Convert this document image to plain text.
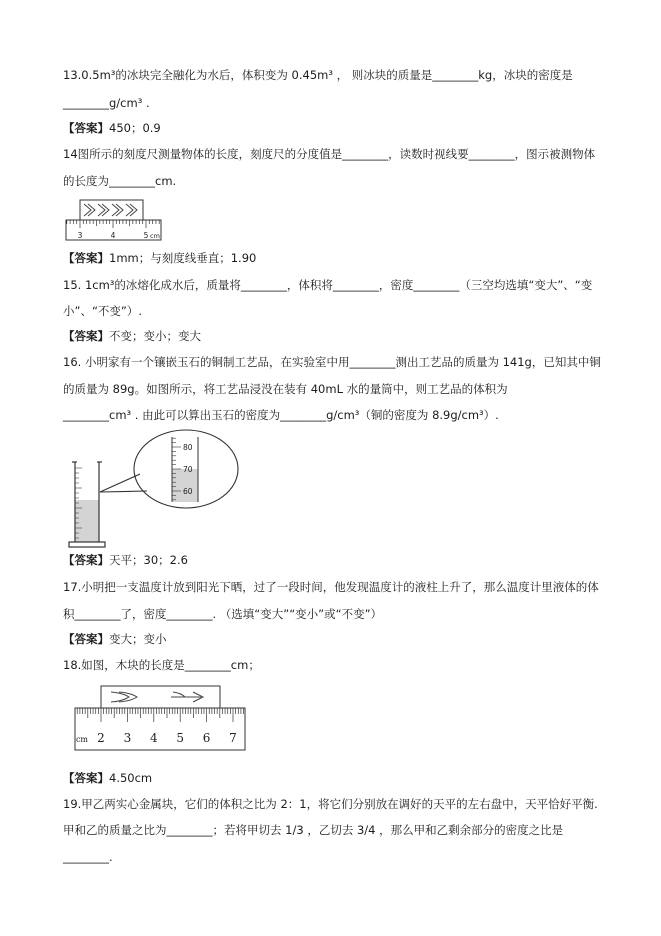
13.0.5m³的冰块完全融化为水后，体积变为 0.45m³ ， 则冰块的质量是________kg，冰块的密度是
________g/cm³ .
【答案】450；0.9
14图所示的刻度尺测量物体的长度，刻度尺的分度值是________，读数时视线要________，图示被测物体
的长度为________cm.
3	4	5 cm
【答案】1mm；与刻度线垂直；1.90
15. 1cm³的冰熔化成水后，质量将________，体积将________，密度________（三空均选填“变大”、“变
小”、“不变”）.
【答案】不变；变小；变大
16. 小明家有一个镶嵌玉石的铜制工艺品，在实验室中用________测出工艺品的质量为 141g，已知其中铜
的质量为 89g。如图所示，将工艺品浸没在装有 40mL 水的量筒中，则工艺品的体积为
________cm³ . 由此可以算出玉石的密度为________g/cm³（铜的密度为 8.9g/cm³）.
80
70
60
【答案】天平；30；2.6
17.小明把一支温度计放到阳光下晒，过了一段时间，他发现温度计的液柱上升了，那么温度计里液体的体
积________了，密度________. （选填“变大”“变小”或“不变”）
【答案】变大；变小
18.如图，木块的长度是________cm；
cm 2 3 4 5 6 7
【答案】4.50cm
19.甲乙两实心金属块，它们的体积之比为 2：1，将它们分别放在调好的天平的左右盘中，天平恰好平衡.
甲和乙的质量之比为________；若将甲切去 1/3 ，乙切去 3/4 ，那么甲和乙剩余部分的密度之比是
________.
